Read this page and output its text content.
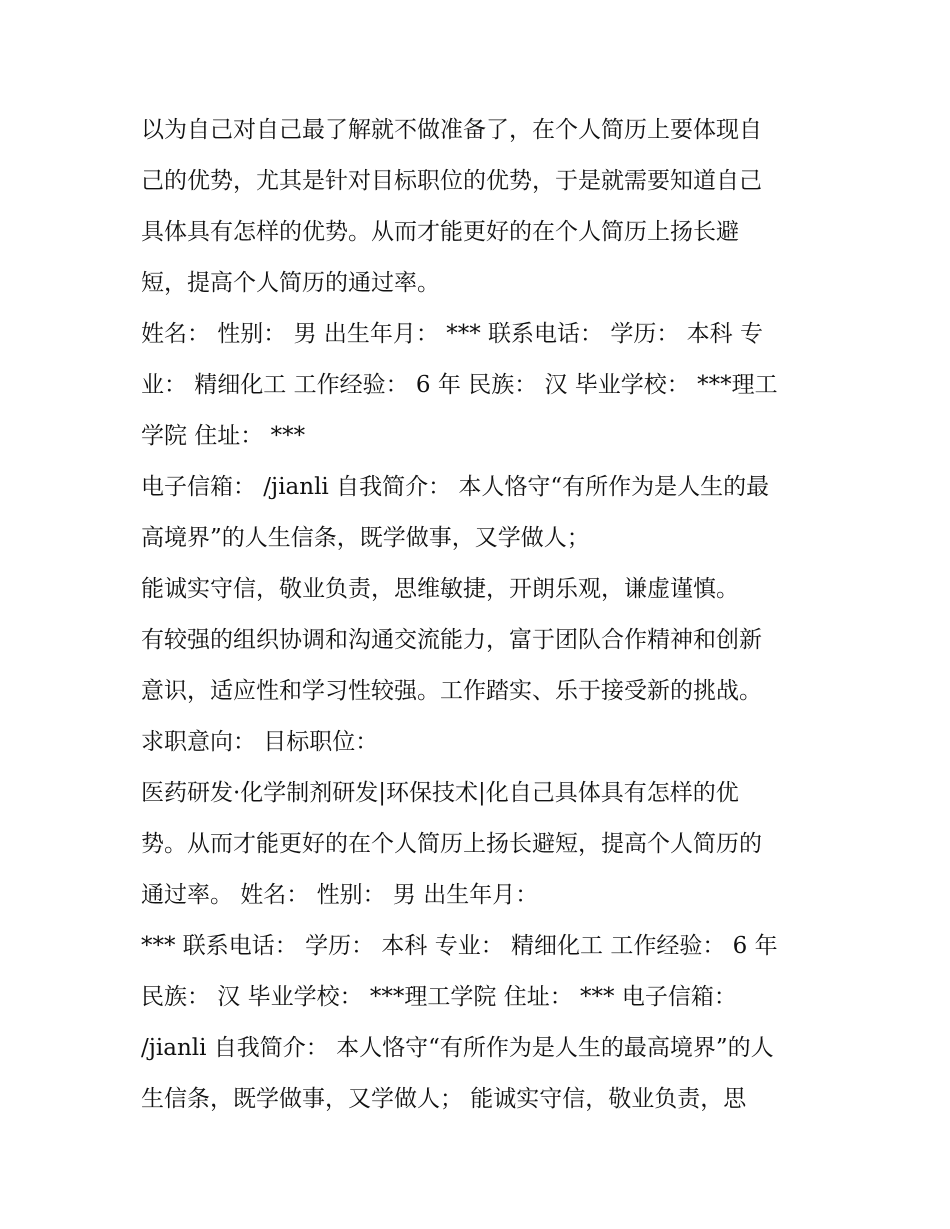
以为自己对自己最了解就不做准备了，在个人简历上要体现自
己的优势，尤其是针对目标职位的优势，于是就需要知道自己
具体具有怎样的优势。从而才能更好的在个人简历上扬长避
短，提高个人简历的通过率。
姓名： 性别： 男 出生年月： *** 联系电话： 学历： 本科 专
业： 精细化工 工作经验： 6 年 民族： 汉 毕业学校： ***理工
学院 住址： ***
电子信箱： /jianli 自我简介： 本人恪守“有所作为是人生的最
高境界”的人生信条，既学做事，又学做人；
能诚实守信，敬业负责，思维敏捷，开朗乐观，谦虚谨慎。
有较强的组织协调和沟通交流能力，富于团队合作精神和创新
意识，适应性和学习性较强。工作踏实、乐于接受新的挑战。
求职意向： 目标职位：
医药研发·化学制剂研发|环保技术|化自己具体具有怎样的优
势。从而才能更好的在个人简历上扬长避短，提高个人简历的
通过率。 姓名： 性别： 男 出生年月：
*** 联系电话： 学历： 本科 专业： 精细化工 工作经验： 6 年
民族： 汉 毕业学校： ***理工学院 住址： *** 电子信箱：
/jianli 自我简介： 本人恪守“有所作为是人生的最高境界”的人
生信条，既学做事，又学做人； 能诚实守信，敬业负责，思
